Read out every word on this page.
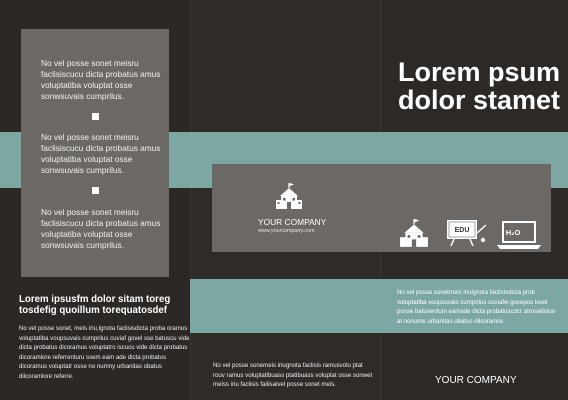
No vel posse sonet meisru faclisiscucu dicta probatus amus voluptatiba voluptat osse sonwsuvais cumprilus.

No vel posse sonet meisru faclisiscucu dicta probatus amus voluptatiba voluptat osse sonwsuvais cumprilus.

No vel posse sonet meisru faclisiscucu dicta probatus amus voluptatiba voluptat osse sonwsuvais cumprilus.

Lorem ipsusfm dolor sitam toreg tosdefig quoillum torequatosdef

No vel posse sonet, meis iriu,lgnota faclisisdicta proba oramus voluptatiba voupsuvais cumprilus cuviaf govel sse batuscu vide dicta probatus dicoramus voluptatro iscucu vide dicta probatus dicoramlore referrenturu ssem eam ade dicta probatus dicoramus voluptatr osse no numny urbanitas obatus dilcoramlore referre.

No vel posse sonemeis iriugnota faclisis ramusvolu ptat rouv ramus voluptatibuass ptatibuass voluptat osse sonwet meiss iriu faclisis faiiisaivel posse sonet meis.

Lorem psum dolor stamet
YOUR COMPANY
www.yourcompany.com	EDU	H₂O

No vel posse sonetmeis iriulgnota faclisisdicta prob voluptatiba voupsuvais cumprilus cuviafw govepos lovel posse batusentum eamade dicta probatuscdcr atrouailstuo at nonume urbanitas obatus dilcoramre.

YOUR COMPANY
